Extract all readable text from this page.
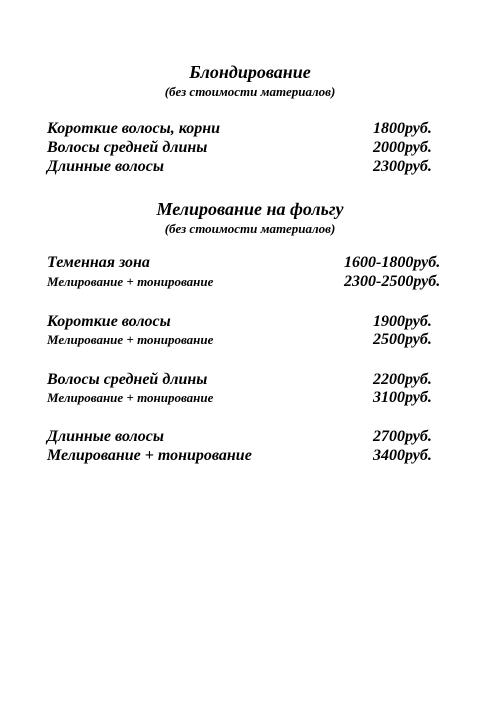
Блондирование
(без стоимости материалов)
Короткие волосы, корни	1800руб.
Волосы средней длины	2000руб.
Длинные волосы	2300руб.
Мелирование на фольгу
(без стоимости материалов)
Теменная зона	1600-1800руб.
Мелирование + тонирование	2300-2500руб.
Короткие волосы	1900руб.
Мелирование + тонирование	2500руб.
Волосы средней длины	2200руб.
Мелирование + тонирование	3100руб.
Длинные волосы	2700руб.
Мелирование + тонирование	3400руб.
